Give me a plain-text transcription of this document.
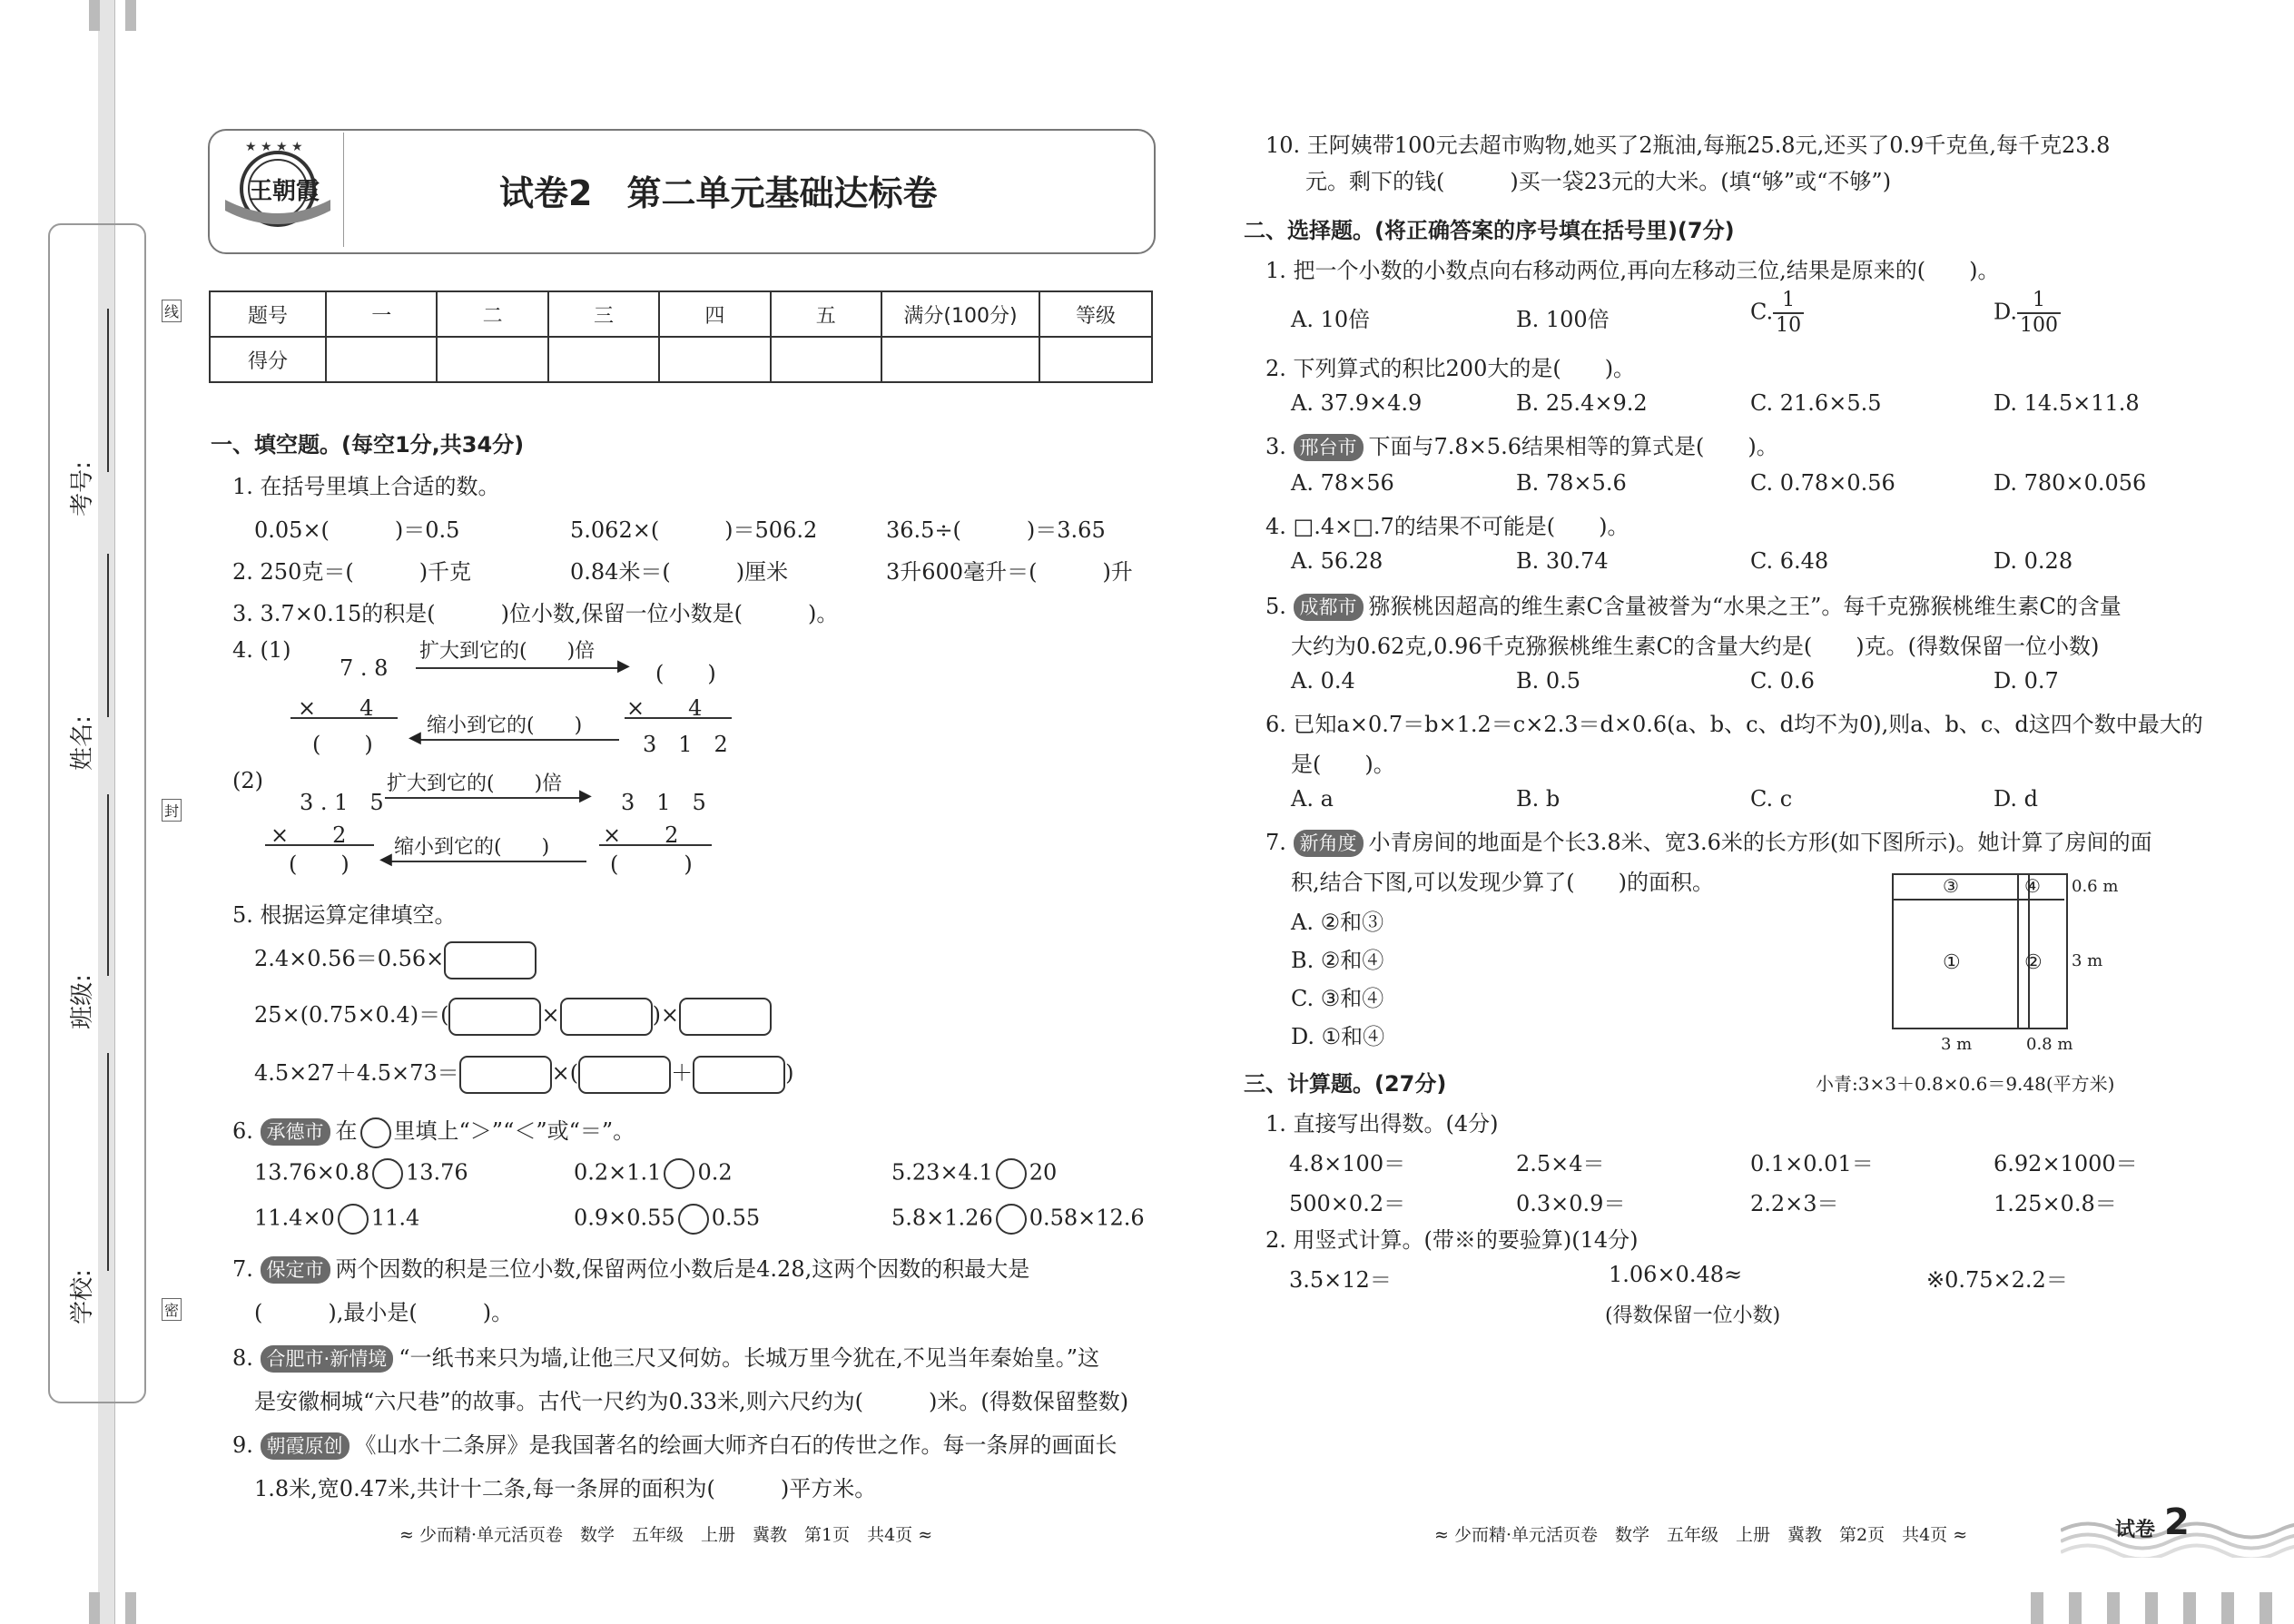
考号:
姓名:
班级:
学校:
线
封
密
★ ★ ★ ★
王朝霞	试卷2　第二单元基础达标卷
题号	一	二	三	四	五	满分(100分)	等级
得分							
一、填空题。(每空1分,共34分)
1. 在括号里填上合适的数。
0.05×(　　　)＝0.5	5.062×(　　　)＝506.2	36.5÷(　　　)＝3.65
2. 250克＝(　　　)千克	0.84米＝(　　　)厘米	3升600毫升＝(　　　)升
3. 3.7×0.15的积是(　　　)位小数,保留一位小数是(　　　)。
4. (1)
7 . 8
×　　4
(　　)
扩大到它的(　　)倍
▶
缩小到它的(　　)
◀
(　　)
×　　4
3　1　2
(2)
3 . 1　5
×　　2
(　　)
扩大到它的(　　)倍
▶
缩小到它的(　　)
◀
3　1　5
×　　2
(　　　)
5. 根据运算定律填空。
2.4×0.56＝0.56×
25×(0.75×0.4)＝(	×	)×
4.5×27＋4.5×73＝	×(	＋	)
6. 承德市 在 里填上“＞”“＜”或“＝”。
13.76×0.8 13.76	0.2×1.1 0.2	5.23×4.1 20
11.4×0 11.4	0.9×0.55 0.55	5.8×1.26 0.58×12.6
7. 保定市 两个因数的积是三位小数,保留两位小数后是4.28,这两个因数的积最大是
(　　　),最小是(　　　)。
8. 合肥市·新情境 “一纸书来只为墙,让他三尺又何妨。长城万里今犹在,不见当年秦始皇。”这
是安徽桐城“六尺巷”的故事。古代一尺约为0.33米,则六尺约为(　　　)米。(得数保留整数)
9. 朝霞原创 《山水十二条屏》是我国著名的绘画大师齐白石的传世之作。每一条屏的画面长
1.8米,宽0.47米,共计十二条,每一条屏的面积为(　　　)平方米。
≈ 少而精·单元活页卷　数学　五年级　上册　冀教　第1页　共4页 ≈
10. 王阿姨带100元去超市购物,她买了2瓶油,每瓶25.8元,还买了0.9千克鱼,每千克23.8
元。剩下的钱(　　　)买一袋23元的大米。(填“够”或“不够”)
二、选择题。(将正确答案的序号填在括号里)(7分)
1. 把一个小数的小数点向右移动两位,再向左移动三位,结果是原来的(　　)。
A. 10倍	B. 100倍	C. $\frac{1}{10}$	D. $\frac{1}{100}$
2. 下列算式的积比200大的是(　　)。
A. 37.9×4.9	B. 25.4×9.2	C. 21.6×5.5	D. 14.5×11.8
3. 邢台市 下面与7.8×5.6结果相等的算式是(　　)。
A. 78×56	B. 78×5.6	C. 0.78×0.56	D. 780×0.056
4. □.4×□.7的结果不可能是(　　)。
A. 56.28	B. 30.74	C. 6.48	D. 0.28
5. 成都市 猕猴桃因超高的维生素C含量被誉为“水果之王”。每千克猕猴桃维生素C的含量
大约为0.62克,0.96千克猕猴桃维生素C的含量大约是(　　)克。(得数保留一位小数)
A. 0.4	B. 0.5	C. 0.6	D. 0.7
6. 已知a×0.7＝b×1.2＝c×2.3＝d×0.6(a、b、c、d均不为0),则a、b、c、d这四个数中最大的
是(　　)。
A. a	B. b	C. c	D. d
7. 新角度 小青房间的地面是个长3.8米、宽3.6米的长方形(如下图所示)。她计算了房间的面
积,结合下图,可以发现少算了(　　)的面积。
A. ②和③
B. ②和④
C. ③和④
D. ①和④
③	④
①	②
0.6 m
3 m
3 m	0.8 m
小青:3×3＋0.8×0.6＝9.48(平方米)
三、计算题。(27分)
1. 直接写出得数。(4分)
4.8×100＝	2.5×4＝	0.1×0.01＝	6.92×1000＝
500×0.2＝	0.3×0.9＝	2.2×3＝	1.25×0.8＝
2. 用竖式计算。(带※的要验算)(14分)
3.5×12＝	1.06×0.48≈	※0.75×2.2＝
(得数保留一位小数)
≈ 少而精·单元活页卷　数学　五年级　上册　冀教　第2页　共4页 ≈	试卷 2
